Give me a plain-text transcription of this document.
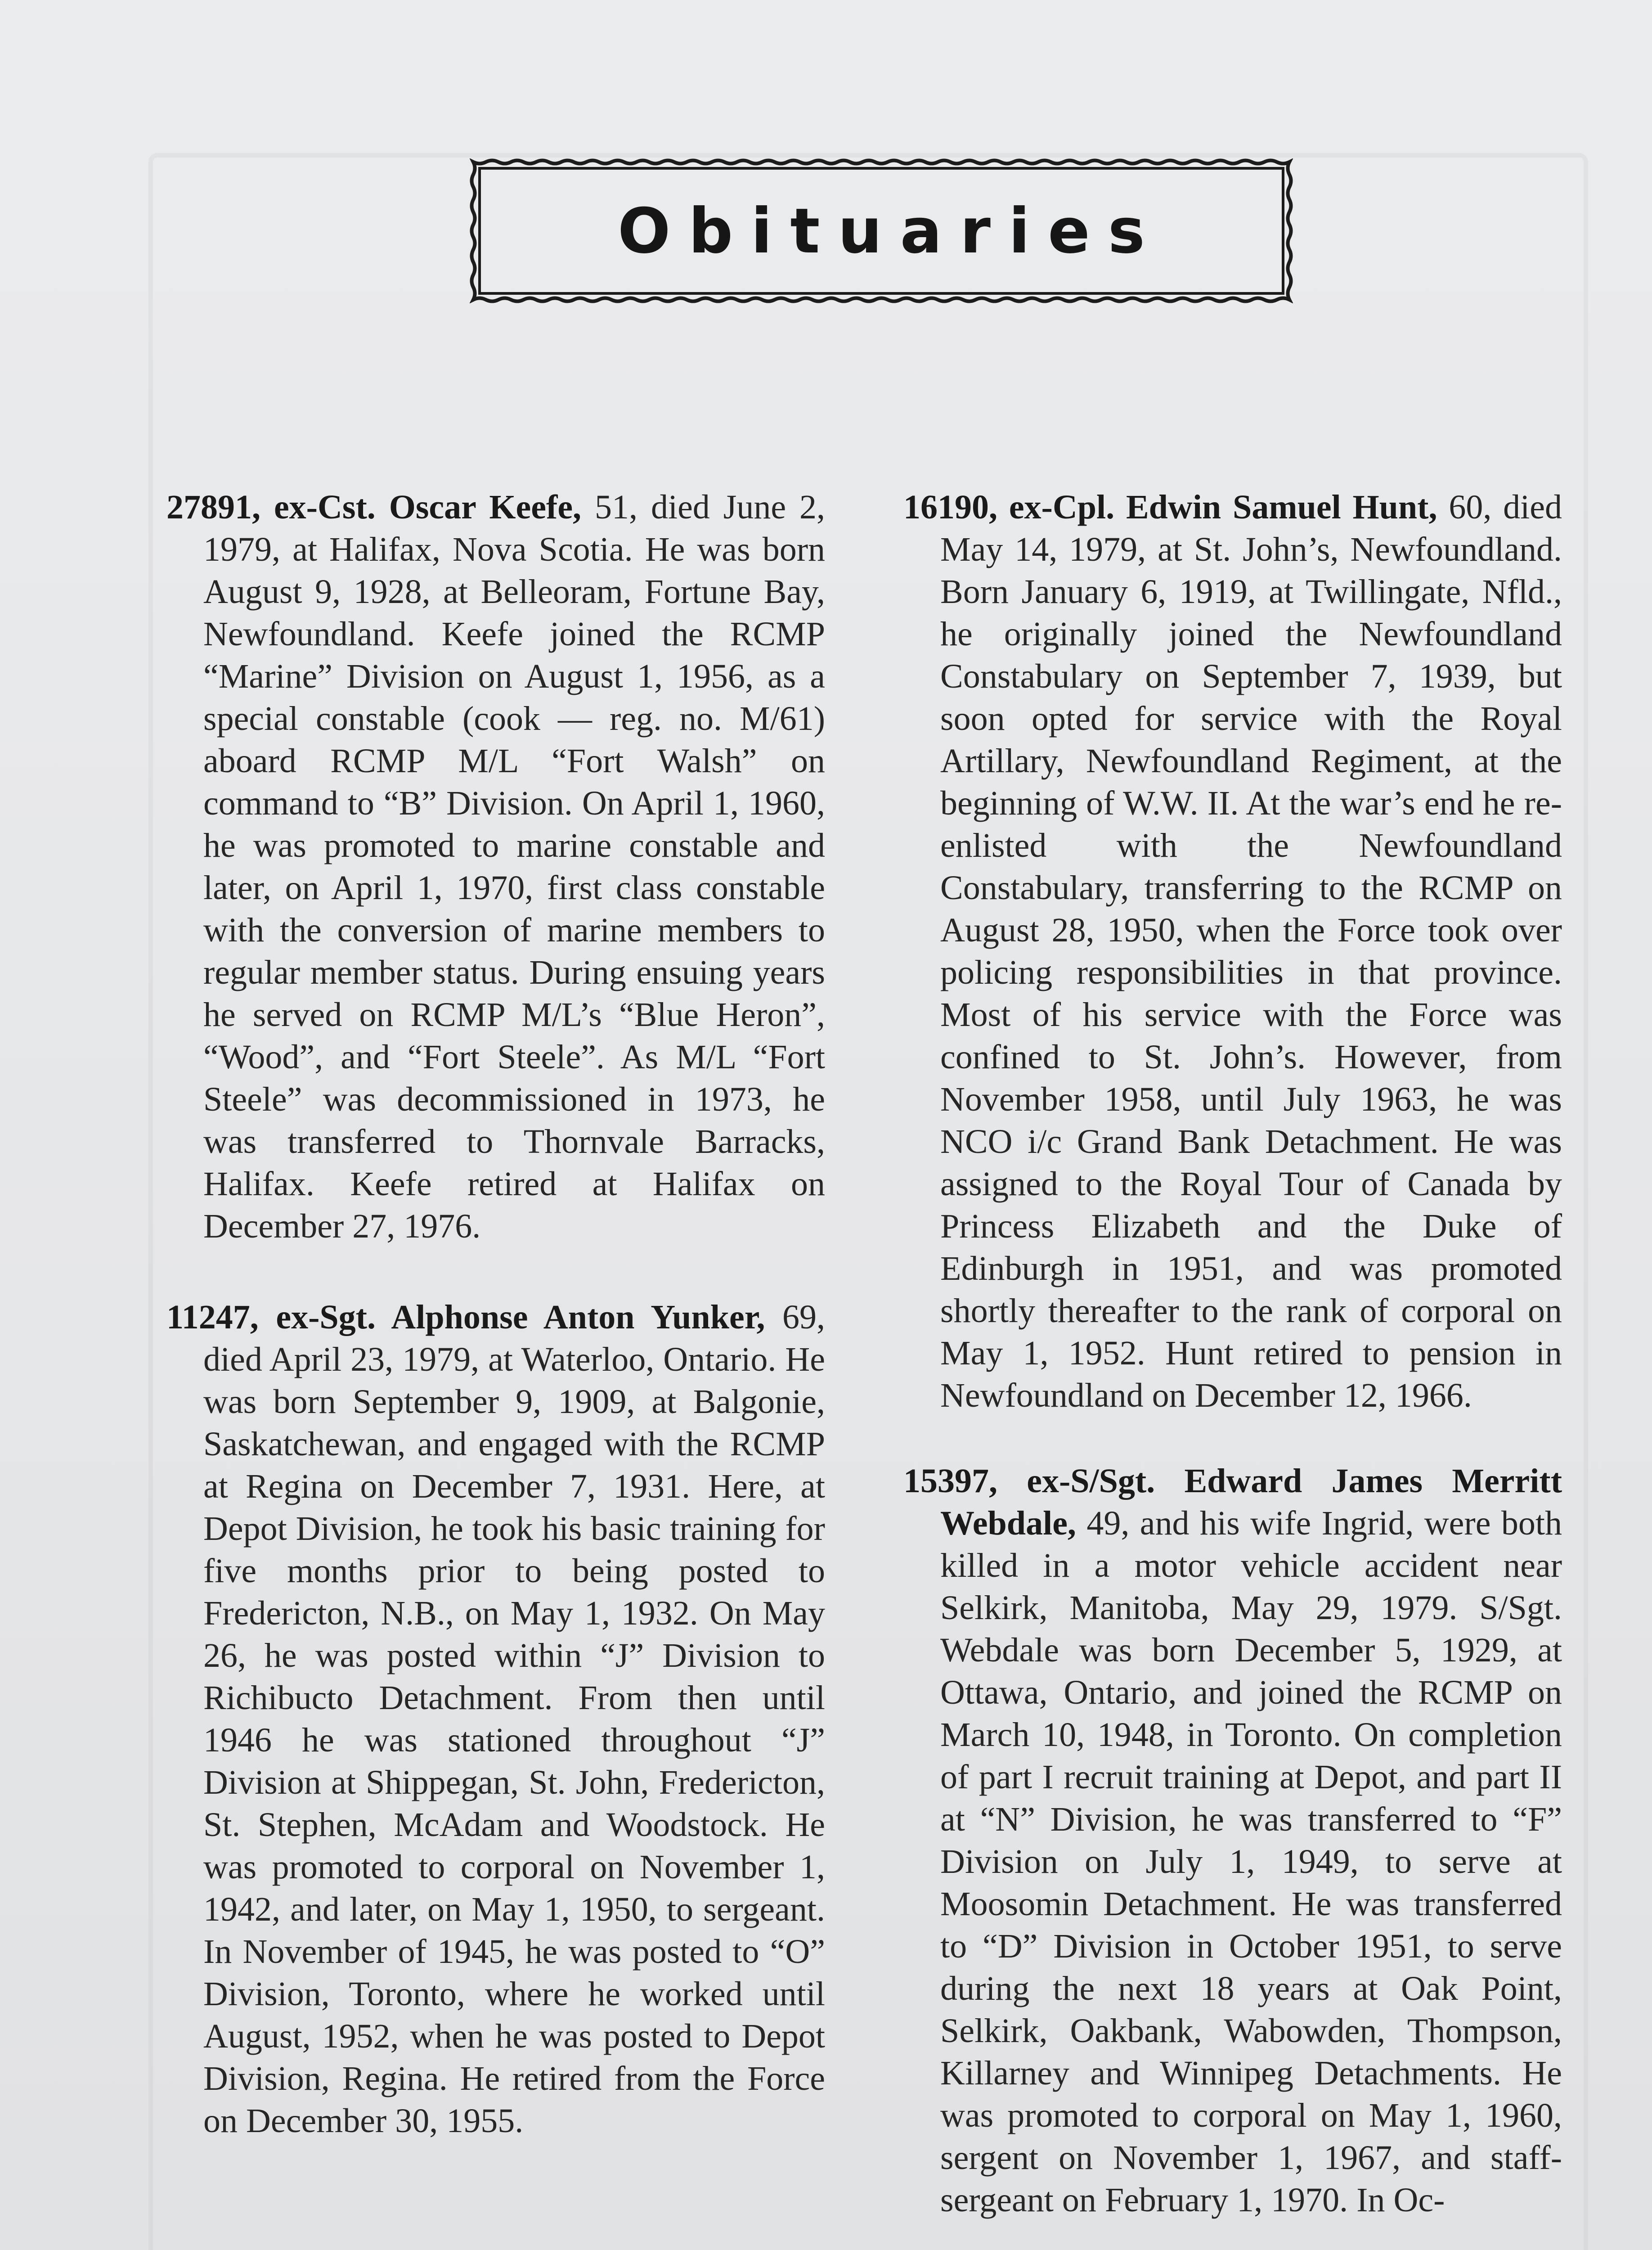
Obituaries

27891, ex-Cst. Oscar Keefe, 51, died June 2, 1979, at Halifax, Nova Scotia. He was born August 9, 1928, at Belleoram, Fortune Bay, Newfoundland. Keefe joined the RCMP “Marine” Division on August 1, 1956, as a special constable (cook — reg. no. M/61) aboard RCMP M/L “Fort Walsh” on command to “B” Division. On April 1, 1960, he was promoted to marine constable and later, on April 1, 1970, first class constable with the conversion of marine members to regular member status. During ensuing years he served on RCMP M/L’s “Blue Heron”, “Wood”, and “Fort Steele”. As M/L “Fort Steele” was decommissioned in 1973, he was transferred to Thornvale Barracks, Halifax. Keefe retired at Halifax on December 27, 1976.

11247, ex-Sgt. Alphonse Anton Yunker, 69, died April 23, 1979, at Waterloo, Ontario. He was born September 9, 1909, at Balgonie, Saskatchewan, and engaged with the RCMP at Regina on December 7, 1931. Here, at Depot Division, he took his basic training for five months prior to being posted to Fredericton, N.B., on May 1, 1932. On May 26, he was posted within “J” Division to Richibucto Detachment. From then until 1946 he was stationed throughout “J” Division at Shippegan, St. John, Fredericton, St. Stephen, McAdam and Woodstock. He was promoted to corporal on November 1, 1942, and later, on May 1, 1950, to sergeant. In November of 1945, he was posted to “O” Division, Toronto, where he worked until August, 1952, when he was posted to Depot Division, Regina. He retired from the Force on December 30, 1955.

16190, ex-Cpl. Edwin Samuel Hunt, 60, died May 14, 1979, at St. John’s, Newfoundland. Born January 6, 1919, at Twillingate, Nfld., he originally joined the Newfoundland Constabulary on September 7, 1939, but soon opted for service with the Royal Artillary, Newfoundland Regiment, at the beginning of W.W. II. At the war’s end he re-enlisted with the Newfoundland Constabulary, transferring to the RCMP on August 28, 1950, when the Force took over policing responsibilities in that province. Most of his service with the Force was confined to St. John’s. However, from November 1958, until July 1963, he was NCO i/c Grand Bank Detachment. He was assigned to the Royal Tour of Canada by Princess Elizabeth and the Duke of Edinburgh in 1951, and was promoted shortly thereafter to the rank of corporal on May 1, 1952. Hunt retired to pension in Newfoundland on December 12, 1966.

15397, ex-S/Sgt. Edward James Merritt Webdale, 49, and his wife Ingrid, were both killed in a motor vehicle accident near Selkirk, Manitoba, May 29, 1979. S/Sgt. Webdale was born December 5, 1929, at Ottawa, Ontario, and joined the RCMP on March 10, 1948, in Toronto. On completion of part I recruit training at Depot, and part II at “N” Division, he was transferred to “F” Division on July 1, 1949, to serve at Moosomin Detachment. He was transferred to “D” Division in October 1951, to serve during the next 18 years at Oak Point, Selkirk, Oakbank, Wabowden, Thompson, Killarney and Winnipeg Detachments. He was promoted to corporal on May 1, 1960, sergent on November 1, 1967, and staff-sergeant on February 1, 1970. In Oc-
